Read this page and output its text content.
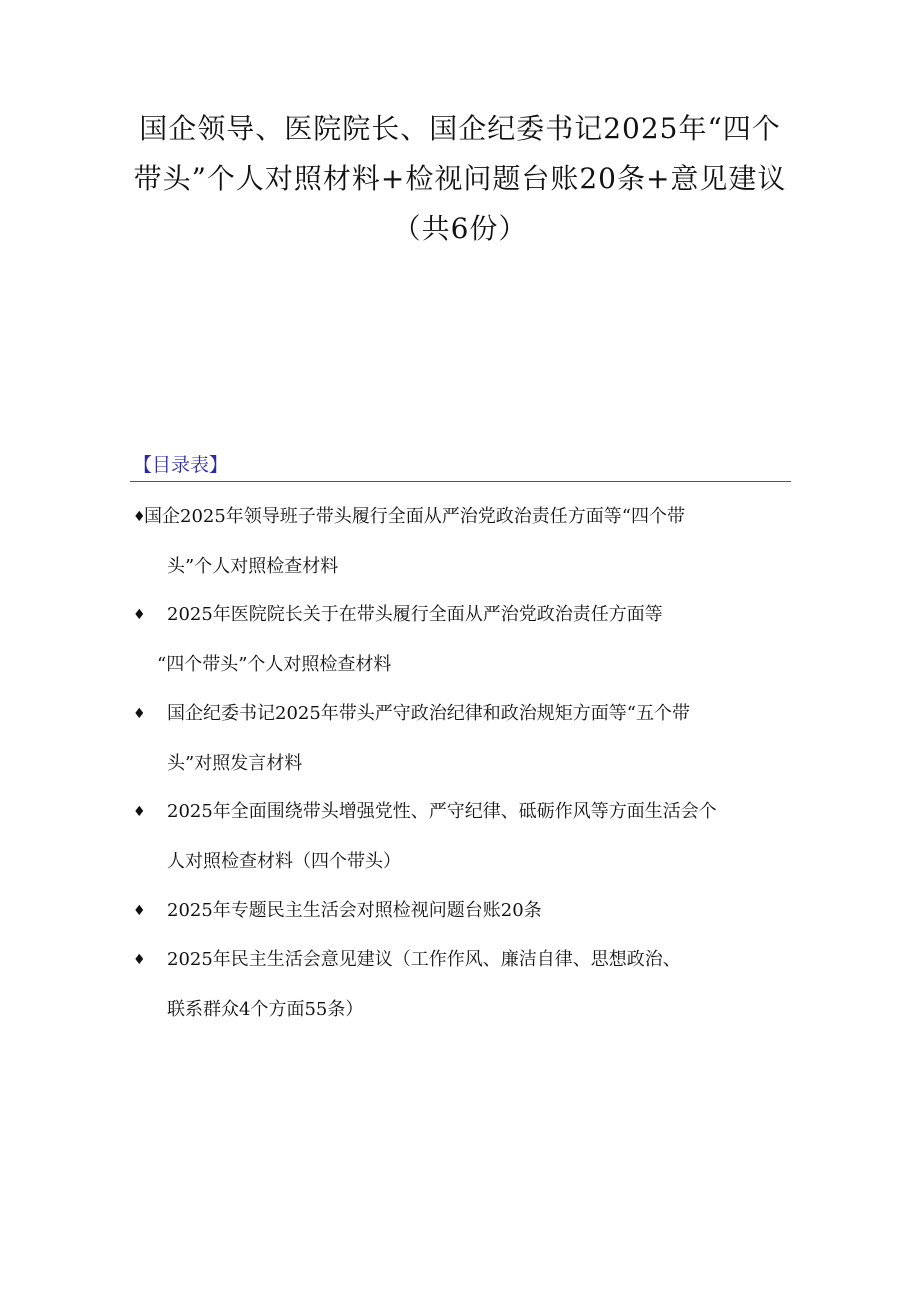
国企领导、医院院长、国企纪委书记2025年“四个
带头”个人对照材料+检视问题台账20条+意见建议
（共6份）
【目录表】
♦国企2025年领导班子带头履行全面从严治党政治责任方面等“四个带
头”个人对照检查材料
♦ 2025年医院院长关于在带头履行全面从严治党政治责任方面等
“四个带头”个人对照检查材料
♦ 国企纪委书记2025年带头严守政治纪律和政治规矩方面等“五个带
头”对照发言材料
♦ 2025年全面围绕带头增强党性、严守纪律、砥砺作风等方面生活会个
人对照检查材料（四个带头）
♦ 2025年专题民主生活会对照检视问题台账20条
♦ 2025年民主生活会意见建议（工作作风、廉洁自律、思想政治、
联系群众4个方面55条）
